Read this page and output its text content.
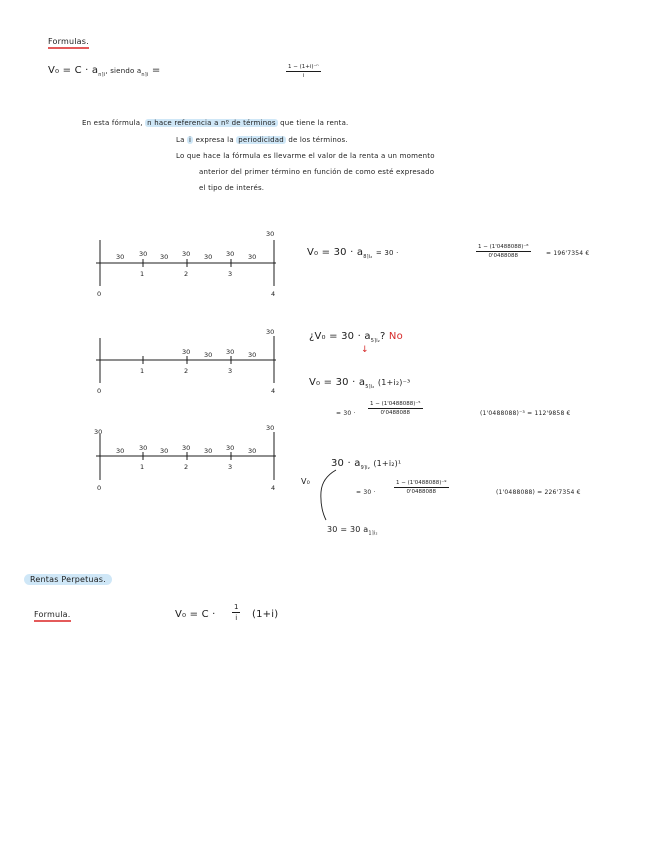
Formulas.
$V_0 = C \cdot a_{n⌉i}$, siendo $a_{n⌉i}$ =	$\frac{\text{1 − (1+i)⁻ⁿ}}{i}$
En esta fórmula, n hace referencia a nº de términos que tiene la renta.
La i expresa la periodicidad de los términos.
Lo que hace la fórmula es llevarme el valor de la renta a un momento
anterior del primer término en función de como esté expresado
el tipo de interés.
30 30 30 30 30 30 30
30
1	2	3
0	4
30 30 30 30
30
1	2	3
0	4
30
30 30 30 30 30 30 30
30
1	2	3
0	4
$V_0 = 30 \cdot a_{8⌉i_2} = 30$ ·	$\frac{\text{1 − (1'0488088)⁻⁸}}{0'0488088}$	= 196'7354 €
¿$V_0 = 30 \cdot a_{5⌉i_2}$? No
↓
$V_0 = 30 \cdot a_{5⌉i_2}$ (1+i₂)⁻³
= $30 \cdot \frac{\text{1 − (1'0488088)⁻⁵}}{0'0488088}$	(1'0488088)⁻³ = 112'9858 €
$30 \cdot a_{9⌉i_2}$ (1+i₂)¹
V₀
= 30 ·	$\frac{\text{1 − (1'0488088)⁻⁹}}{0'0488088}$	(1'0488088) = 226'7354 €
30 = 30 $a_{1⌉i_2}$
Rentas Perpetuas.
Formula.	$V_0 = C \cdot \frac{1}{i} (1+i)$
